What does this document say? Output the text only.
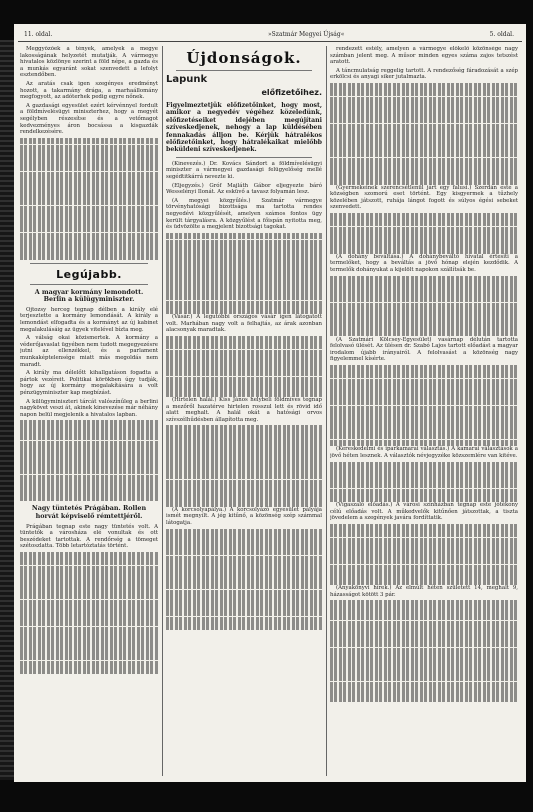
11. oldal.	»Szatmár Megyei Újság«	5. oldal.
Meggyőzőek a tények, amelyek a megye lakosságának helyzetét mutatják. A vármegye hivatalos közlönye szerint a föld népe, a gazda és a munkás egyaránt sokat szenvedett a lefolyt esztendőben.
Az aratás csak igen szegényes eredményt hozott, a takarmány drága, a marhaállomány megfogyott, az adóterhek pedig egyre nőnek.
A gazdasági egyesület ezért kérvénnyel fordult a földmívelésügyi miniszterhez, hogy a megyét segélyben részesítse és a vetőmagot kedvezményes áron bocsássa a kisgazdák rendelkezésére.
Legújabb.
A magyar kormány lemondott. Berlin a külügyminiszter.
Ojtozsy herceg tegnap délben a király elé terjesztette a kormány lemondását. A király a lemondást elfogadta és a kormányt az új kabinet megalakulásáig az ügyek vitelével bízta meg.
A válság okai közismertek. A kormány a véderőjavaslat ügyében nem tudott megegyezésre jutni az ellenzékkel, és a parlament munkaképtelensége miatt más megoldás nem maradt.
A király ma délelőtt kihallgatáson fogadta a pártok vezéreit. Politikai körökben úgy tudják, hogy az új kormány megalakítására a volt pénzügyminiszter kap megbízást.
A külügyminiszteri tárcát valószínűleg a berlini nagykövet veszi át, akinek kinevezése már néhány napon belül megjelenik a hivatalos lapban.
Nagy tüntetés Prágában. Rollen horvát képviselő rémtettjéről.
Prágában tegnap este nagy tüntetés volt. A tüntetők a városháza elé vonultak és ott beszédeket tartottak. A rendőrség a tömeget szétoszlatta. Több letartóztatás történt.
Újdonságok.
Lapunk
előfizetőihez.
Figyelmeztetjük előfizetőinket, hogy most, amikor a negyedév végéhez közeledünk, előfizetéseiket idejében megújítani szíveskedjenek, nehogy a lap küldésében fennakadás álljon be. Kérjük hátralékos előfizetőinket, hogy hátralékaikat mielőbb beküldeni szíveskedjenek.
(Kinevezés.) Dr. Kovács Sándort a földmívelésügyi miniszter a vármegyei gazdasági felügyelőség mellé segédtitkárrá nevezte ki.
(Eljegyzés.) Gróf Majláth Gábor eljegyezte báró Wesselényi Ilonát. Az esküvő a tavasz folyamán lesz.
(A megyei közgyűlés.) Szatmár vármegye törvényhatósági bizottsága ma tartotta rendes negyedévi közgyűlését, amelyen számos fontos ügy került tárgyalásra. A közgyűlést a főispán nyitotta meg, és üdvözölte a megjelent bizottsági tagokat.
(Vásár.) A legutóbbi országos vásár igen látogatott volt. Marhában nagy volt a felhajtás, az árak azonban alacsonyak maradtak.
(Hirtelen halál.) Kiss János helybeli földmíves tegnap a mezőről hazatérve hirtelen rosszul lett és rövid idő alatt meghalt. A halál okát a hatósági orvos szívszélhűdésben állapította meg.
(A korcsolyapálya.) A korcsolyázó egyesület pályája ismét megnyílt. A jég kitűnő, a közönség szép számmal látogatja.
rendezett estély, amelyen a vármegye előkelő közönsége nagy számban jelent meg. A műsor minden egyes száma zajos tetszést aratott.
A táncmulatság reggelig tartott. A rendezőség fáradozását a szép erkölcsi és anyagi siker jutalmazta.
(Gyermekeinek szerencsétlenül járt egy falusi.) Szerdán este a községben szomorú eset történt. Egy kisgyermek a tűzhely közelében játszott, ruhája lángot fogott és súlyos égési sebeket szenvedett.
(A dohány beváltása.) A dohánybeváltó hivatal értesíti a termelőket, hogy a beváltás a jövő hónap elején kezdődik. A termelők dohányukat a kijelölt napokon szállítsák be.
(A Szatmári Kölcsey-Egyesület) vasárnap délután tartotta felolvasó ülését. Az ülésen dr. Szabó Lajos tartott előadást a magyar irodalom újabb irányairól. A felolvasást a közönség nagy figyelemmel kísérte.
(Kereskedelmi és iparkamarai választás.) A kamarai választások a jövő héten lesznek. A választók névjegyzéke közszemlére van kitéve.
(Vígaszaló előadás.) A városi színházban tegnap este jótékony célú előadás volt. A műkedvelők kitűnően játszottak, a tiszta jövedelem a szegények javára fordíttatik.
(Anyakönyvi hírek.) Az elmúlt héten született 14, meghalt 9, házasságot kötött 3 pár.
